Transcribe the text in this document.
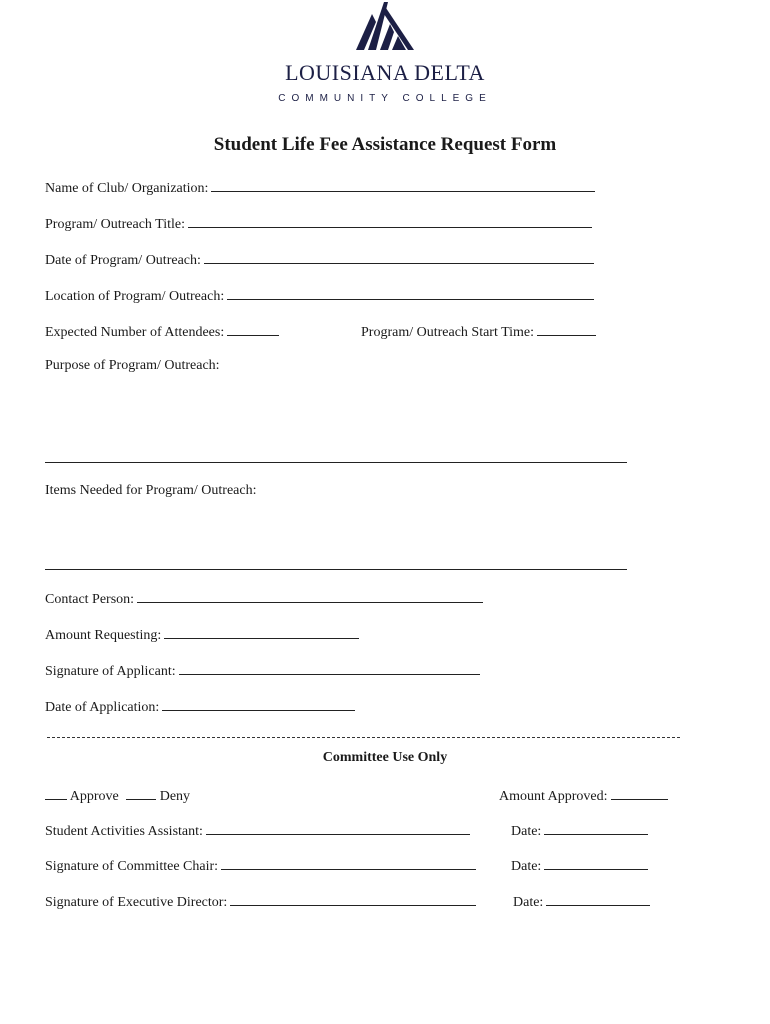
LOUISIANA DELTA
COMMUNITY COLLEGE
Student Life Fee Assistance Request Form
Name of Club/ Organization:
Program/ Outreach Title:
Date of Program/ Outreach:
Location of Program/ Outreach:
Expected Number of Attendees:	Program/ Outreach Start Time:
Purpose of Program/ Outreach:
Items Needed for Program/ Outreach:
Contact Person:
Amount Requesting:
Signature of Applicant:
Date of Application:
Committee Use Only
Approve	Deny	Amount Approved:
Student Activities Assistant:	Date:
Signature of Committee Chair:	Date:
Signature of Executive Director:	Date:
